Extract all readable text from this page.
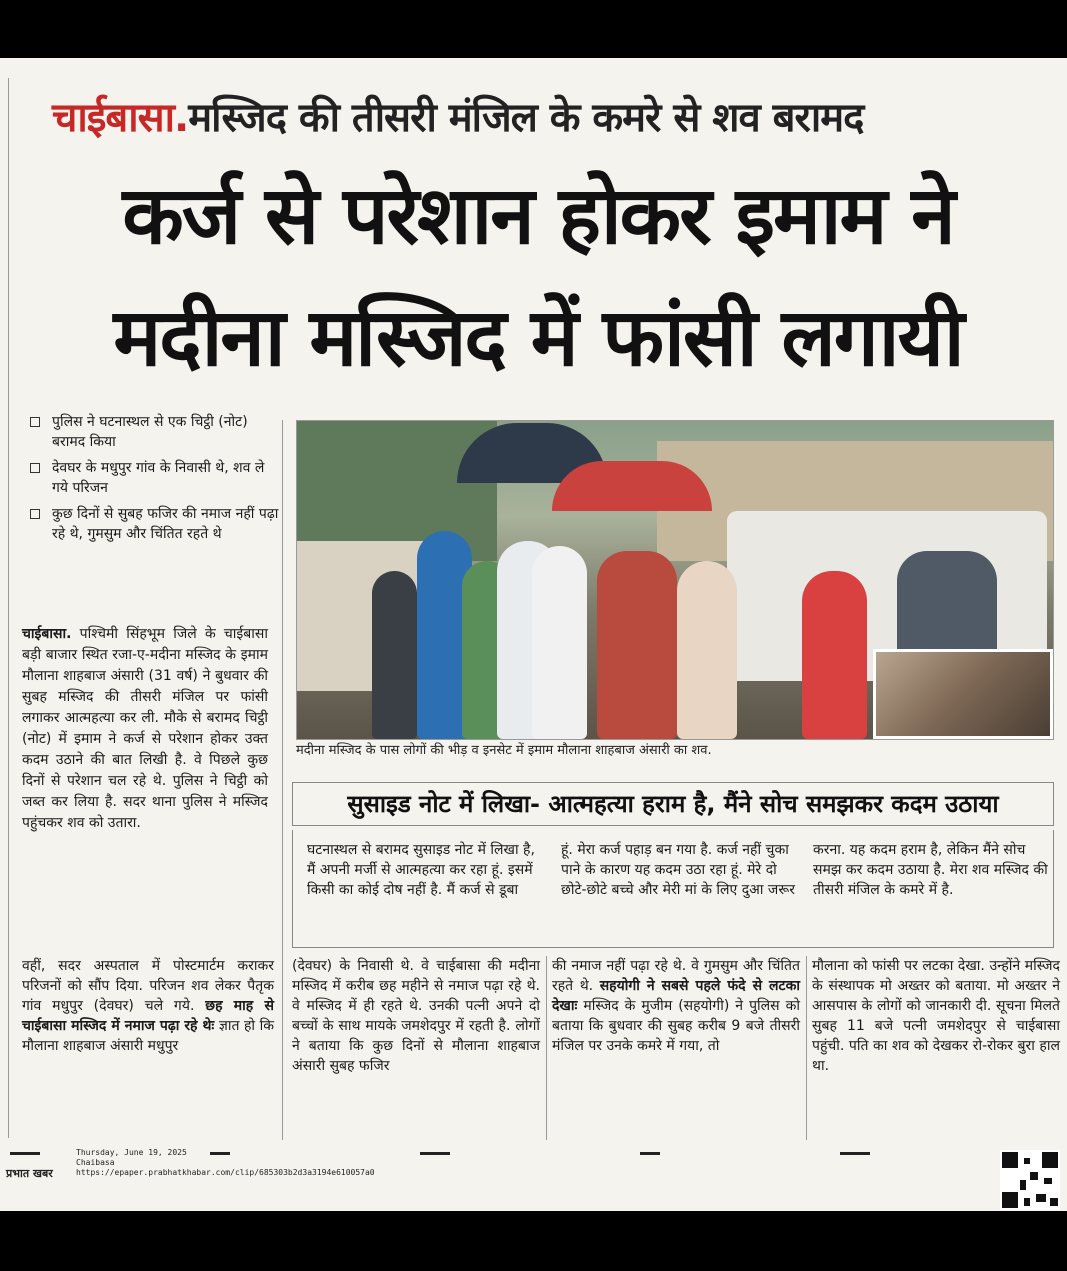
चाईबासा.मस्जिद की तीसरी मंजिल के कमरे से शव बरामद
कर्ज से परेशान होकर इमाम ने
मदीना मस्जिद में फांसी लगायी
पुलिस ने घटनास्थल से एक चिट्ठी (नोट) बरामद किया
देवघर के मधुपुर गांव के निवासी थे, शव ले गये परिजन
कुछ दिनों से सुबह फजिर की नमाज नहीं पढ़ा रहे थे, गुमसुम और चिंतित रहते थे
चाईबासा. पश्चिमी सिंहभूम जिले के चाईबासा बड़ी बाजार स्थित रजा-ए-मदीना मस्जिद के इमाम मौलाना शाहबाज अंसारी (31 वर्ष) ने बुधवार की सुबह मस्जिद की तीसरी मंजिल पर फांसी लगाकर आत्महत्या कर ली. मौके से बरामद चिट्ठी (नोट) में इमाम ने कर्ज से परेशान होकर उक्त कदम उठाने की बात लिखी है. वे पिछले कुछ दिनों से परेशान चल रहे थे. पुलिस ने चिट्ठी को जब्त कर लिया है. सदर थाना पुलिस ने मस्जिद पहुंचकर शव को उतारा.
मदीना मस्जिद के पास लोगों की भीड़ व इनसेट में इमाम मौलाना शाहबाज अंसारी का शव.
सुसाइड नोट में लिखा- आत्महत्या हराम है, मैंने सोच समझकर कदम उठाया
घटनास्थल से बरामद सुसाइड नोट में लिखा है, मैं अपनी मर्जी से आत्महत्या कर रहा हूं. इसमें किसी का कोई दोष नहीं है. मैं कर्ज से डूबा
हूं. मेरा कर्ज पहाड़ बन गया है. कर्ज नहीं चुका पाने के कारण यह कदम उठा रहा हूं. मेरे दो छोटे-छोटे बच्चे और मेरी मां के लिए दुआ जरूर
करना. यह कदम हराम है, लेकिन मैंने सोच समझ कर कदम उठाया है. मेरा शव मस्जिद की तीसरी मंजिल के कमरे में है.
वहीं, सदर अस्पताल में पोस्टमार्टम कराकर परिजनों को सौंप दिया. परिजन शव लेकर पैतृक गांव मधुपुर (देवघर) चले गये. छह माह से चाईबासा मस्जिद में नमाज पढ़ा रहे थेः ज्ञात हो कि मौलाना शाहबाज अंसारी मधुपुर
(देवघर) के निवासी थे. वे चाईबासा की मदीना मस्जिद में करीब छह महीने से नमाज पढ़ा रहे थे. वे मस्जिद में ही रहते थे. उनकी पत्नी अपने दो बच्चों के साथ मायके जमशेदपुर में रहती है. लोगों ने बताया कि कुछ दिनों से मौलाना शाहबाज अंसारी सुबह फजिर
की नमाज नहीं पढ़ा रहे थे. वे गुमसुम और चिंतित रहते थे. सहयोगी ने सबसे पहले फंदे से लटका देखाः मस्जिद के मुजीम (सहयोगी) ने पुलिस को बताया कि बुधवार की सुबह करीब 9 बजे तीसरी मंजिल पर उनके कमरे में गया, तो
मौलाना को फांसी पर लटका देखा. उन्होंने मस्जिद के संस्थापक मो अख्तर को बताया. मो अख्तर ने आसपास के लोगों को जानकारी दी. सूचना मिलते सुबह 11 बजे पत्नी जमशेदपुर से चाईबासा पहुंची. पति का शव को देखकर रो-रोकर बुरा हाल था.
प्रभात खबर
Thursday, June 19, 2025
Chaibasa
https://epaper.prabhatkhabar.com/clip/685303b2d3a3194e610057a0
